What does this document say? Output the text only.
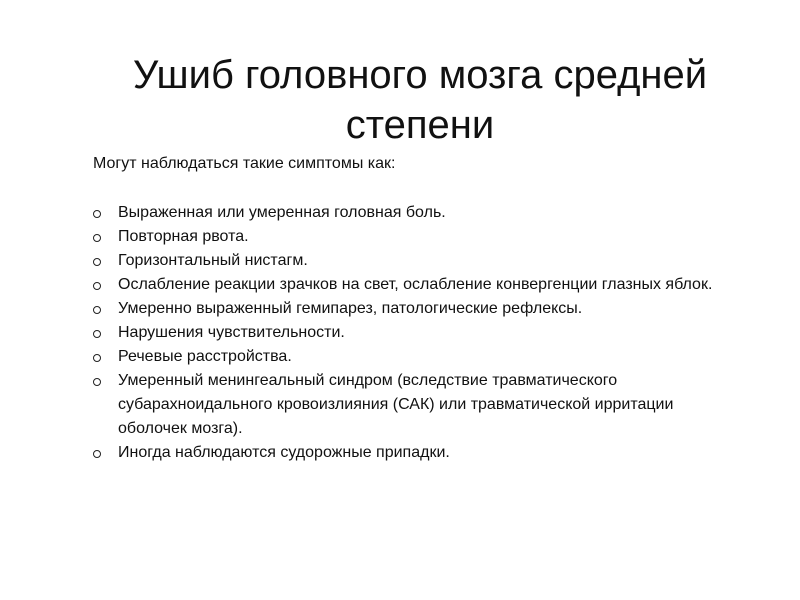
Ушиб головного мозга средней степени

Могут наблюдаться такие симптомы как:

Выраженная или умеренная головная боль.
Повторная рвота.
Горизонтальный нистагм.
Ослабление реакции зрачков на свет, ослабление конвергенции глазных яблок.
Умеренно выраженный гемипарез, патологические рефлексы.
Нарушения чувствительности.
Речевые расстройства.
Умеренный менингеальный синдром (вследствие травматического субарахноидального кровоизлияния (САК) или травматической ирритации оболочек мозга).
Иногда наблюдаются судорожные припадки.
